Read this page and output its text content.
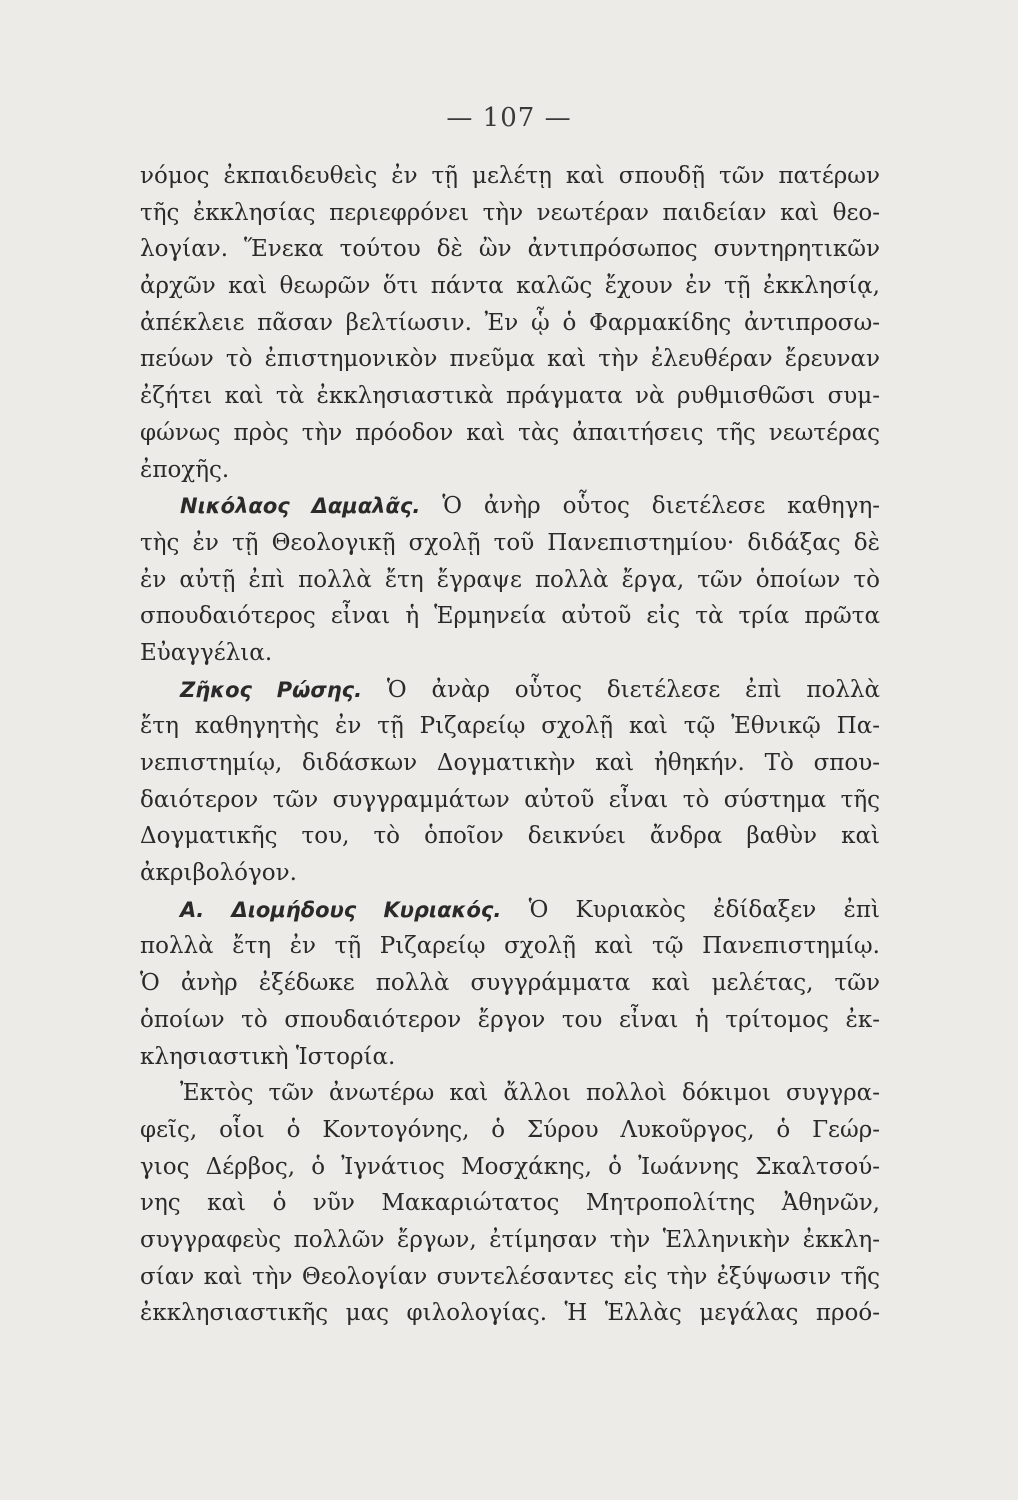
— 107 —
νόμος ἐκπαιδευθεὶς ἐν τῇ μελέτῃ καὶ σπουδῇ τῶν πατέρων
τῆς ἐκκλησίας περιεφρόνει τὴν νεωτέραν παιδείαν καὶ θεο-
λογίαν. Ἕνεκα τούτου δὲ ὢν ἀντιπρόσωπος συντηρητικῶν
ἀρχῶν καὶ θεωρῶν ὅτι πάντα καλῶς ἔχουν ἐν τῇ ἐκκλησίᾳ,
ἀπέκλειε πᾶσαν βελτίωσιν. Ἐν ᾧ ὁ Φαρμακίδης ἀντιπροσω-
πεύων τὸ ἐπιστημονικὸν πνεῦμα καὶ τὴν ἐλευθέραν ἔρευναν
ἐζήτει καὶ τὰ ἐκκλησιαστικὰ πράγματα νὰ ρυθμισθῶσι συμ-
φώνως πρὸς τὴν πρόοδον καὶ τὰς ἀπαιτήσεις τῆς νεωτέρας
ἐποχῆς.
Νικόλαος Δαμαλᾶς. Ὁ ἀνὴρ οὗτος διετέλεσε καθηγη-
τὴς ἐν τῇ Θεολογικῇ σχολῇ τοῦ Πανεπιστημίου· διδάξας δὲ
ἐν αὐτῇ ἐπὶ πολλὰ ἔτη ἔγραψε πολλὰ ἔργα, τῶν ὁποίων τὸ
σπουδαιότερος εἶναι ἡ Ἑρμηνεία αὐτοῦ εἰς τὰ τρία πρῶτα
Εὐαγγέλια.
Ζῆκος Ρώσης. Ὁ ἀνὰρ οὗτος διετέλεσε ἐπὶ πολλὰ
ἔτη καθηγητὴς ἐν τῇ Ριζαρείῳ σχολῇ καὶ τῷ Ἐθνικῷ Πα-
νεπιστημίῳ, διδάσκων Δογματικὴν καὶ ἠθηκήν. Τὸ σπου-
δαιότερον τῶν συγγραμμάτων αὐτοῦ εἶναι τὸ σύστημα τῆς
Δογματικῆς του, τὸ ὁποῖον δεικνύει ἄνδρα βαθὺν καὶ
ἀκριβολόγον.
Α. Διομήδους Κυριακός. Ὁ Κυριακὸς ἐδίδαξεν ἐπὶ
πολλὰ ἔτη ἐν τῇ Ριζαρείῳ σχολῇ καὶ τῷ Πανεπιστημίῳ.
Ὁ ἀνὴρ ἐξέδωκε πολλὰ συγγράμματα καὶ μελέτας, τῶν
ὁποίων τὸ σπουδαιότερον ἔργον του εἶναι ἡ τρίτομος ἐκ-
κλησιαστικὴ Ἱστορία.
Ἐκτὸς τῶν ἀνωτέρω καὶ ἄλλοι πολλοὶ δόκιμοι συγγρα-
φεῖς, οἷοι ὁ Κοντογόνης, ὁ Σύρου Λυκοῦργος, ὁ Γεώρ-
γιος Δέρβος, ὁ Ἰγνάτιος Μοσχάκης, ὁ Ἰωάννης Σκαλτσού-
νης καὶ ὁ νῦν Μακαριώτατος Μητροπολίτης Ἀθηνῶν,
συγγραφεὺς πολλῶν ἔργων, ἐτίμησαν τὴν Ἑλληνικὴν ἐκκλη-
σίαν καὶ τὴν Θεολογίαν συντελέσαντες εἰς τὴν ἐξύψωσιν τῆς
ἐκκλησιαστικῆς μας φιλολογίας. Ἡ Ἑλλὰς μεγάλας προό-
